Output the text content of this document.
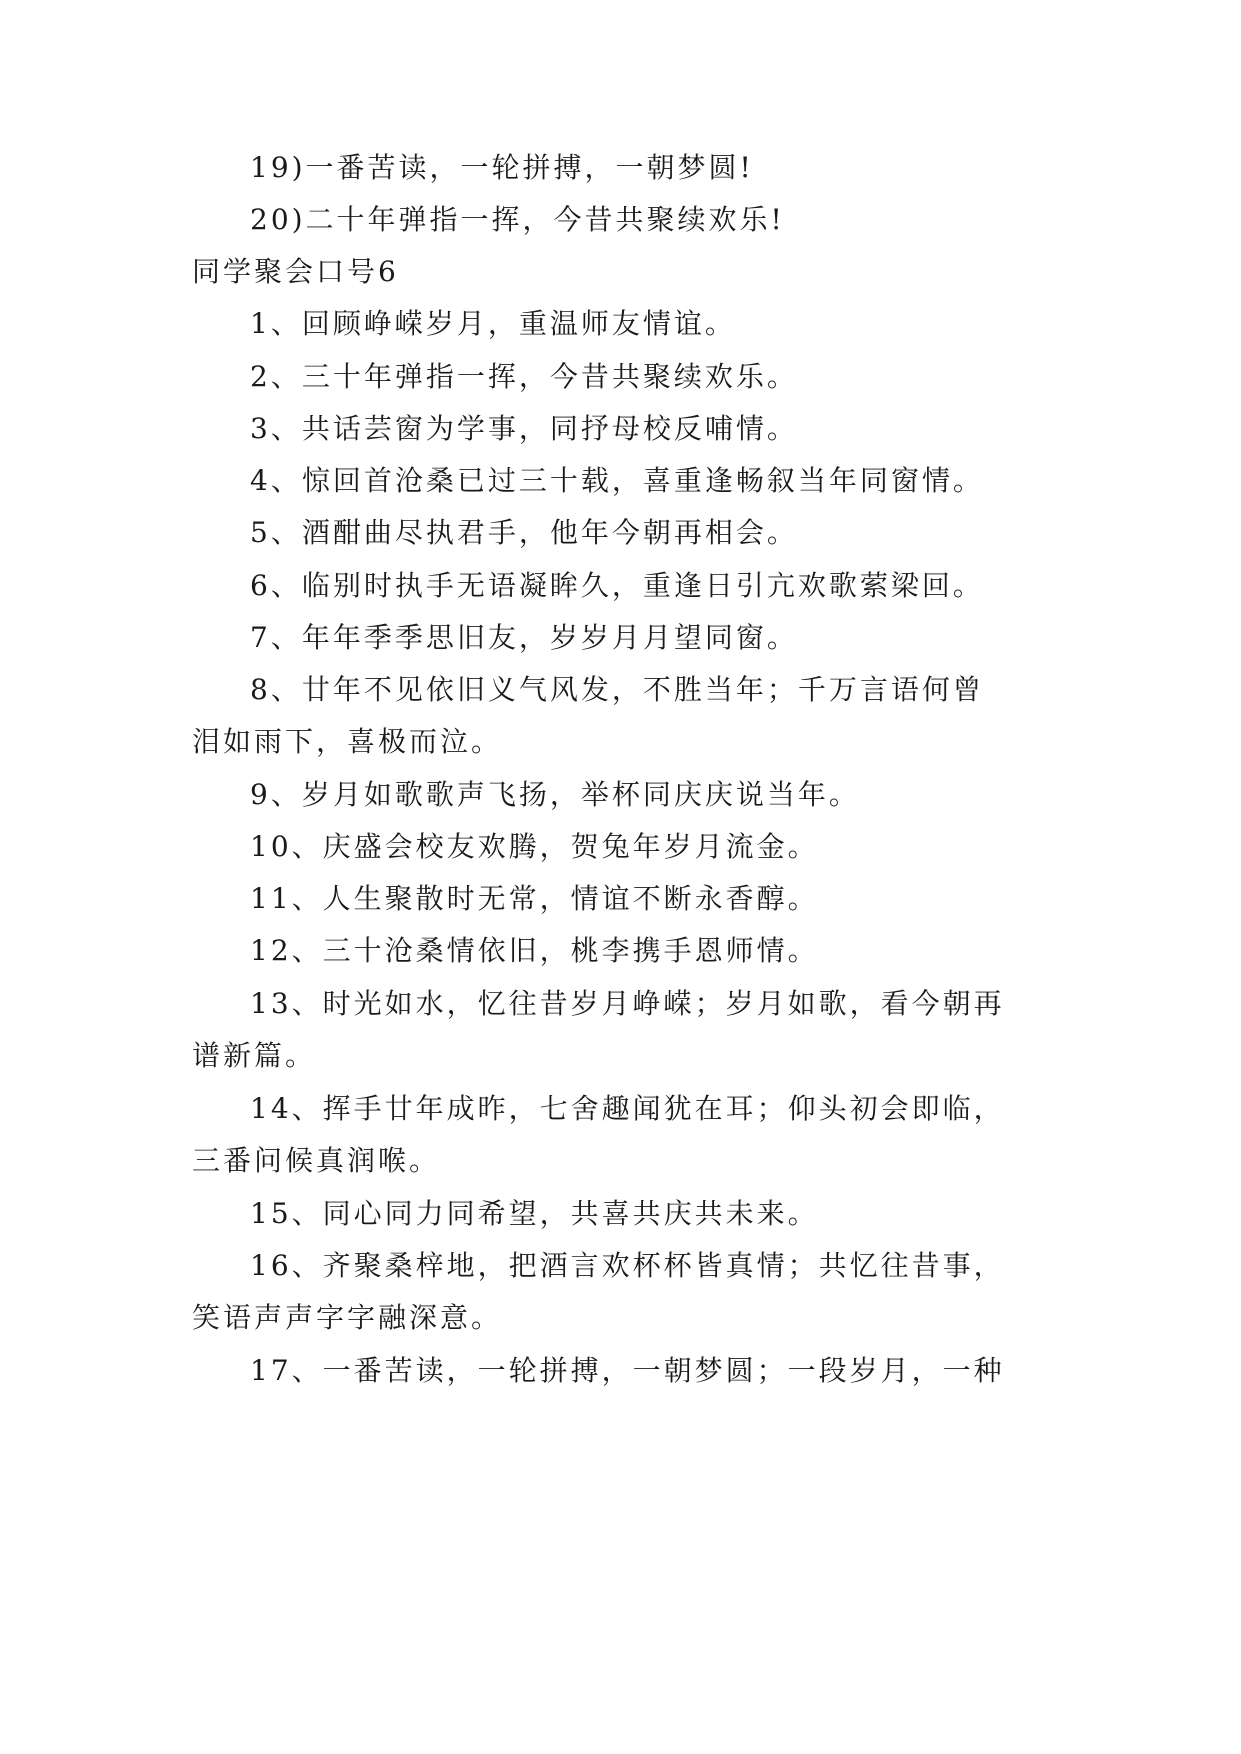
19)一番苦读，一轮拼搏，一朝梦圆!
20)二十年弹指一挥，今昔共聚续欢乐!
同学聚会口号6
1、回顾峥嵘岁月，重温师友情谊。
2、三十年弹指一挥，今昔共聚续欢乐。
3、共话芸窗为学事，同抒母校反哺情。
4、惊回首沧桑已过三十载，喜重逢畅叙当年同窗情。
5、酒酣曲尽执君手，他年今朝再相会。
6、临别时执手无语凝眸久，重逢日引亢欢歌萦梁回。
7、年年季季思旧友，岁岁月月望同窗。
8、廿年不见依旧义气风发，不胜当年；千万言语何曾
泪如雨下，喜极而泣。
9、岁月如歌歌声飞扬，举杯同庆庆说当年。
10、庆盛会校友欢腾，贺兔年岁月流金。
11、人生聚散时无常，情谊不断永香醇。
12、三十沧桑情依旧，桃李携手恩师情。
13、时光如水，忆往昔岁月峥嵘；岁月如歌，看今朝再
谱新篇。
14、挥手廿年成昨，七舍趣闻犹在耳；仰头初会即临，
三番问候真润喉。
15、同心同力同希望，共喜共庆共未来。
16、齐聚桑梓地，把酒言欢杯杯皆真情；共忆往昔事，
笑语声声字字融深意。
17、一番苦读，一轮拼搏，一朝梦圆；一段岁月，一种
